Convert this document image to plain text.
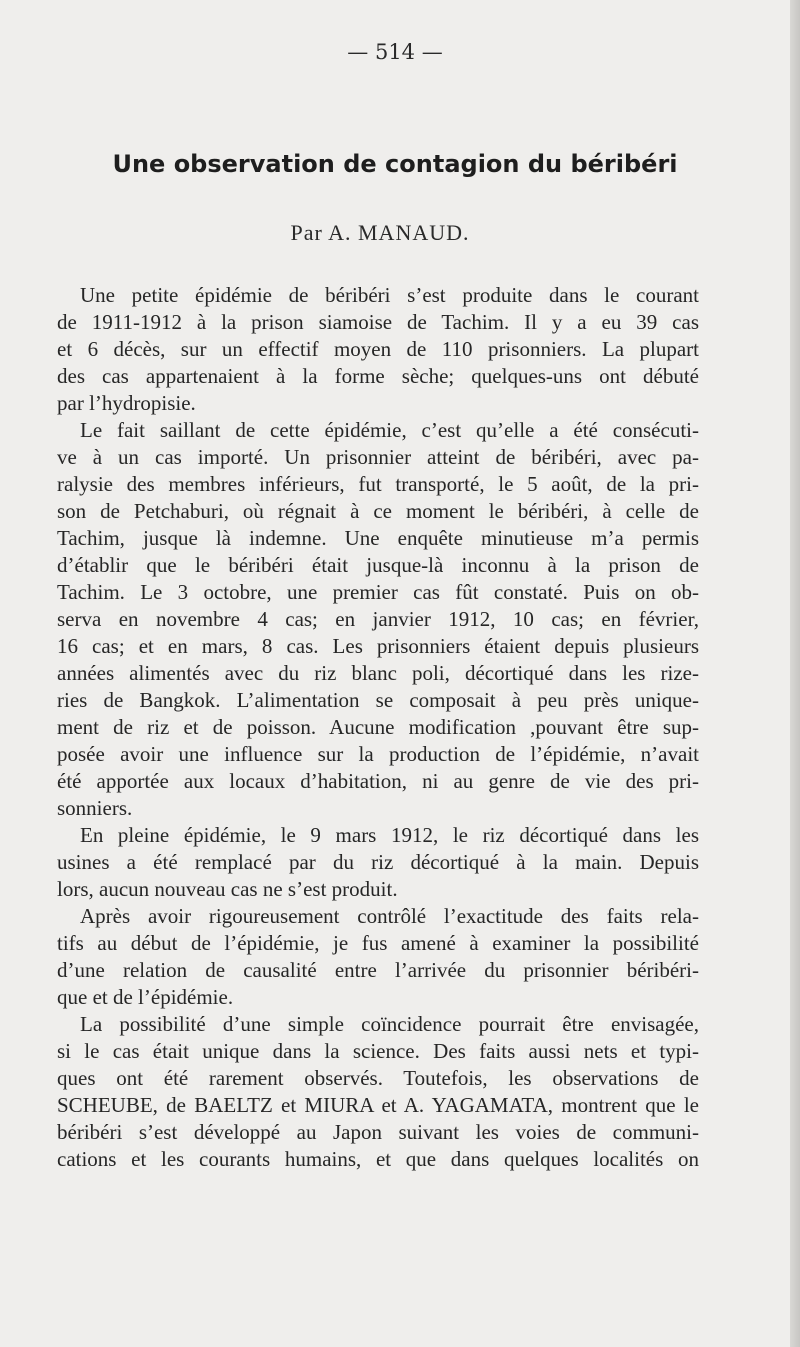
— 514 —
Une observation de contagion du béribéri
Par A. MANAUD.
Une petite épidémie de béribéri s’est produite dans le courant
de 1911-1912 à la prison siamoise de Tachim. Il y a eu 39 cas
et 6 décès, sur un effectif moyen de 110 prisonniers. La plupart
des cas appartenaient à la forme sèche; quelques-uns ont débuté
par l’hydropisie.
Le fait saillant de cette épidémie, c’est qu’elle a été consécuti-
ve à un cas importé. Un prisonnier atteint de béribéri, avec pa-
ralysie des membres inférieurs, fut transporté, le 5 août, de la pri-
son de Petchaburi, où régnait à ce moment le béribéri, à celle de
Tachim, jusque là indemne. Une enquête minutieuse m’a permis
d’établir que le béribéri était jusque-là inconnu à la prison de
Tachim. Le 3 octobre, une premier cas fût constaté. Puis on ob-
serva en novembre 4 cas; en janvier 1912, 10 cas; en février,
16 cas; et en mars, 8 cas. Les prisonniers étaient depuis plusieurs
années alimentés avec du riz blanc poli, décortiqué dans les rize-
ries de Bangkok. L’alimentation se composait à peu près unique-
ment de riz et de poisson. Aucune modification ,pouvant être sup-
posée avoir une influence sur la production de l’épidémie, n’avait
été apportée aux locaux d’habitation, ni au genre de vie des pri-
sonniers.
En pleine épidémie, le 9 mars 1912, le riz décortiqué dans les
usines a été remplacé par du riz décortiqué à la main. Depuis
lors, aucun nouveau cas ne s’est produit.
Après avoir rigoureusement contrôlé l’exactitude des faits rela-
tifs au début de l’épidémie, je fus amené à examiner la possibilité
d’une relation de causalité entre l’arrivée du prisonnier béribéri-
que et de l’épidémie.
La possibilité d’une simple coïncidence pourrait être envisagée,
si le cas était unique dans la science. Des faits aussi nets et typi-
ques ont été rarement observés. Toutefois, les observations de
SCHEUBE, de BAELTZ et MIURA et A. YAGAMATA, montrent que le
béribéri s’est développé au Japon suivant les voies de communi-
cations et les courants humains, et que dans quelques localités on
